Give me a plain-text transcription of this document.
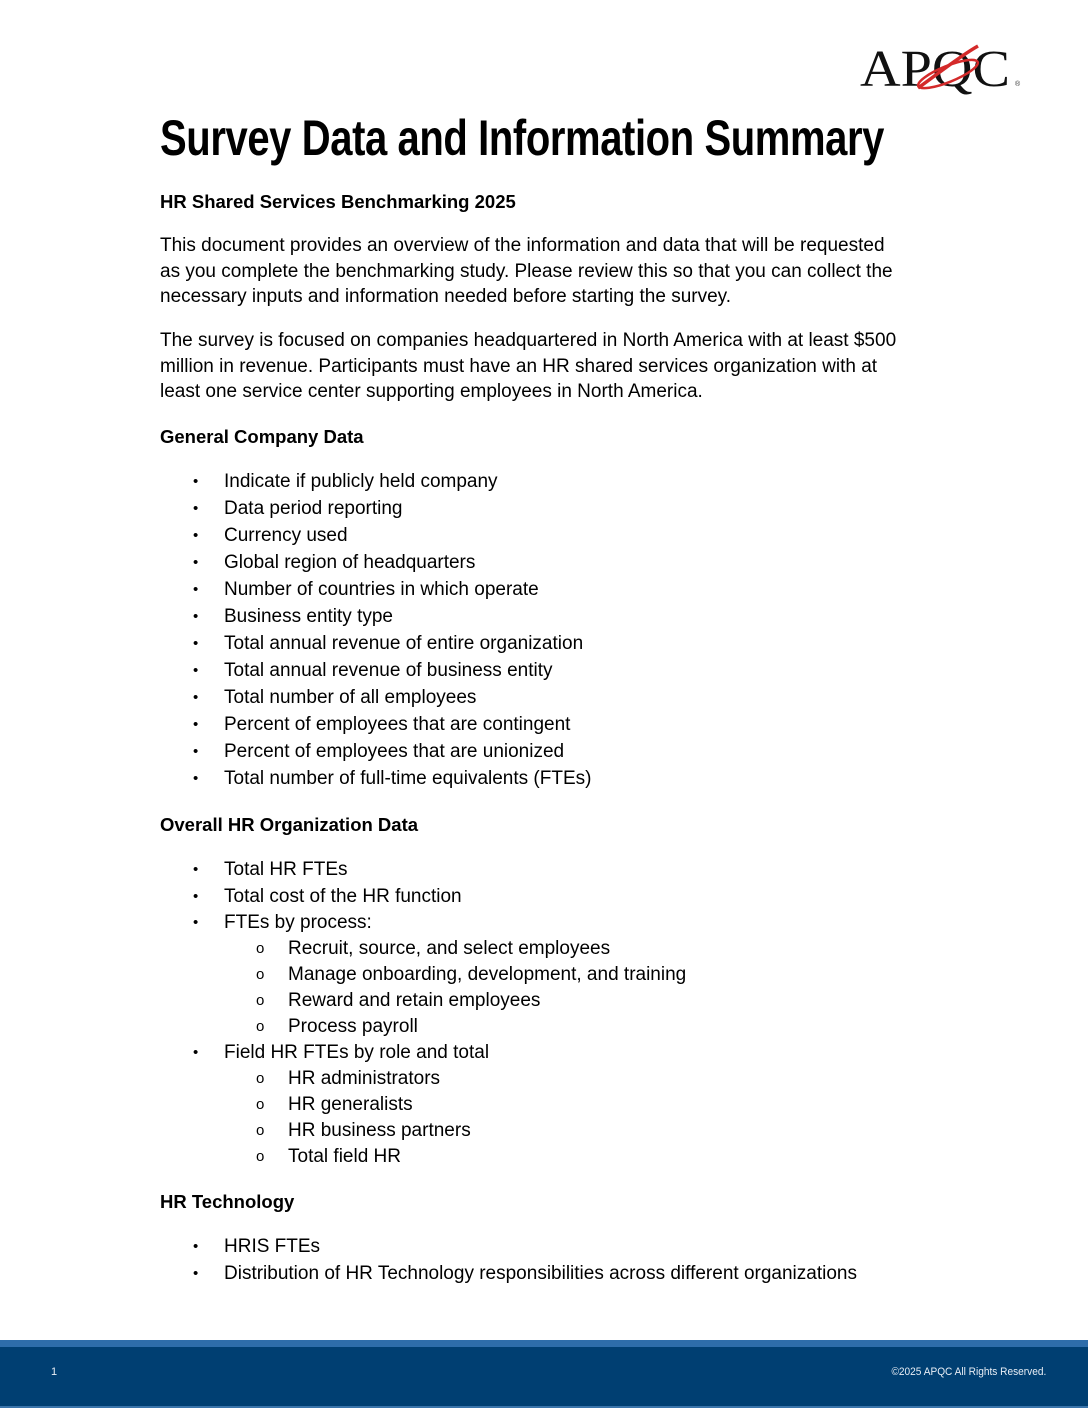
APQC ®
Survey Data and Information Summary
HR Shared Services Benchmarking 2025
This document provides an overview of the information and data that will be requested
as you complete the benchmarking study. Please review this so that you can collect the
necessary inputs and information needed before starting the survey.
The survey is focused on companies headquartered in North America with at least $500
million in revenue. Participants must have an HR shared services organization with at
least one service center supporting employees in North America.
General Company Data
• Indicate if publicly held company
• Data period reporting
• Currency used
• Global region of headquarters
• Number of countries in which operate
• Business entity type
• Total annual revenue of entire organization
• Total annual revenue of business entity
• Total number of all employees
• Percent of employees that are contingent
• Percent of employees that are unionized
• Total number of full-time equivalents (FTEs)
Overall HR Organization Data
• Total HR FTEs
• Total cost of the HR function
• FTEs by process:
o Recruit, source, and select employees
o Manage onboarding, development, and training
o Reward and retain employees
o Process payroll
• Field HR FTEs by role and total
o HR administrators
o HR generalists
o HR business partners
o Total field HR
HR Technology
• HRIS FTEs
• Distribution of HR Technology responsibilities across different organizations
1	©2025 APQC All Rights Reserved.
